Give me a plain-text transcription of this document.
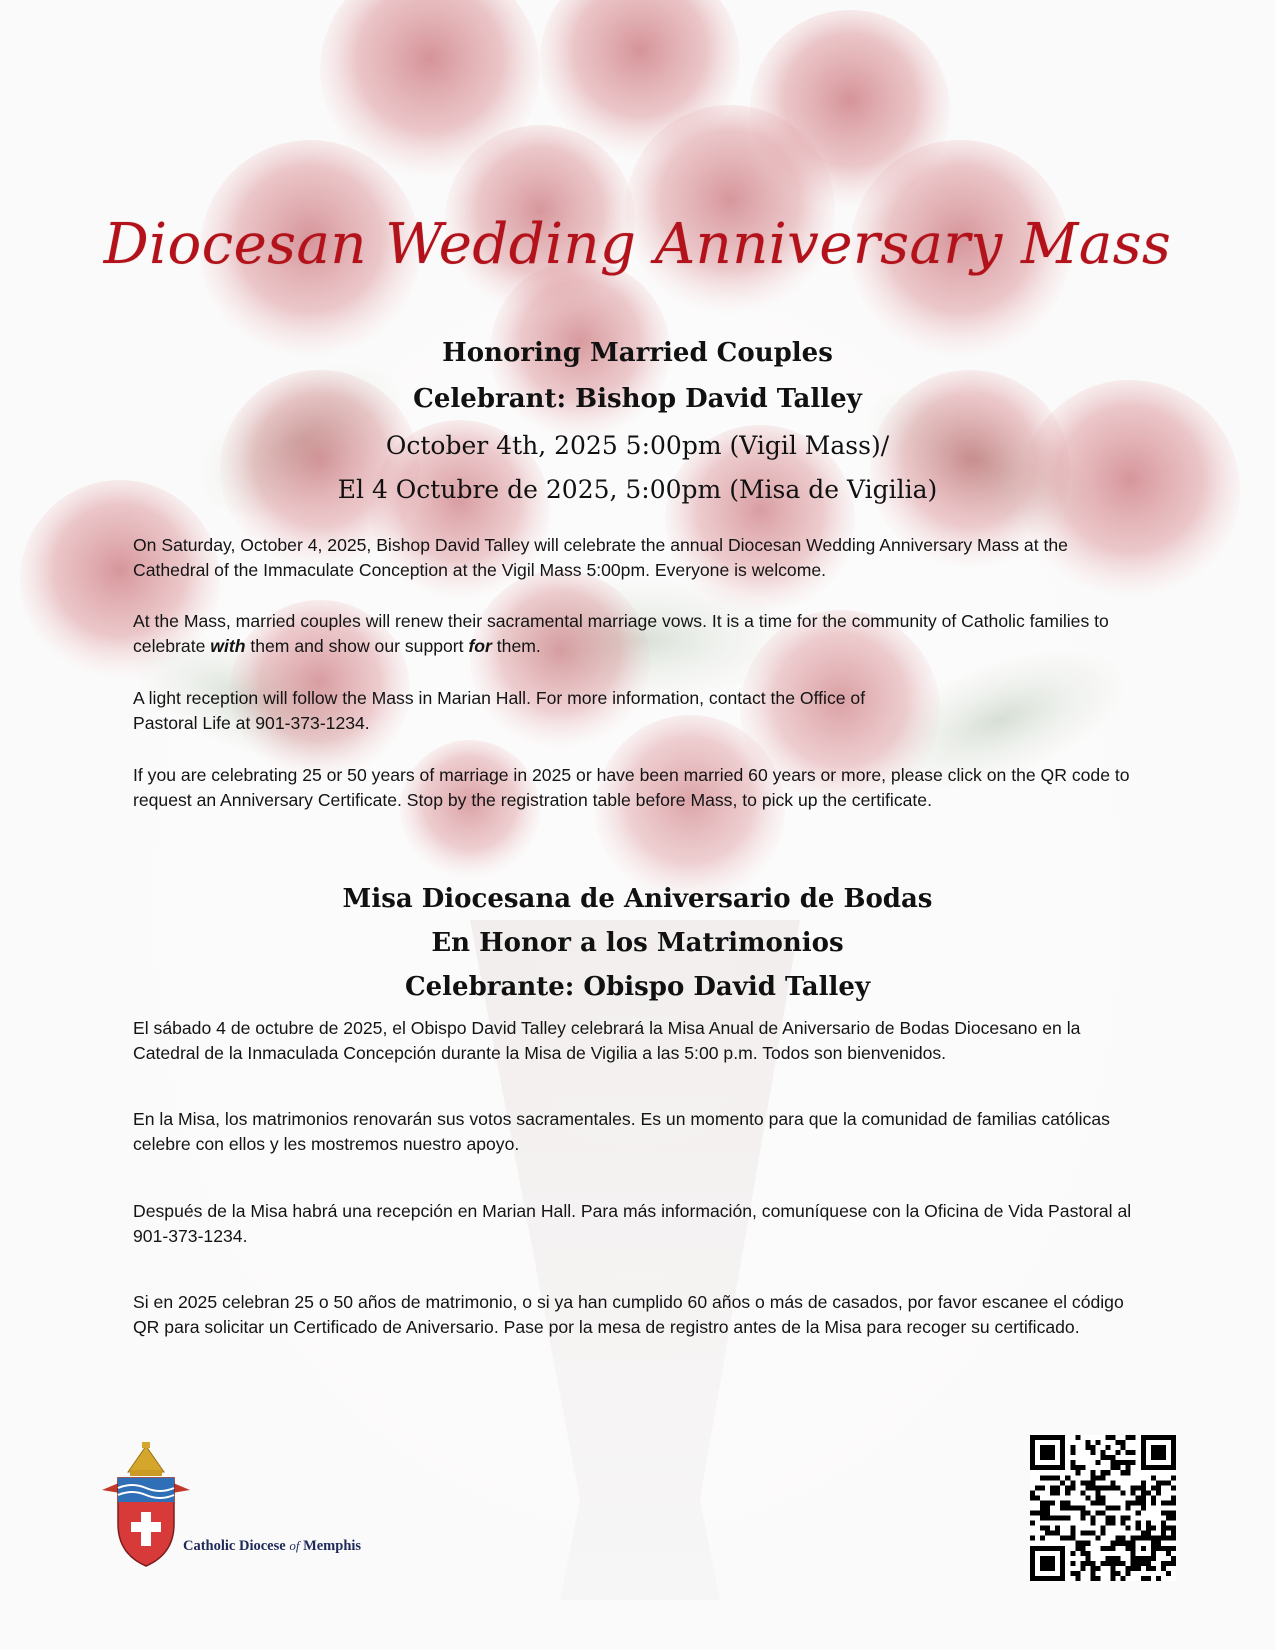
Diocesan Wedding Anniversary Mass
Honoring Married Couples
Celebrant: Bishop David Talley
October 4th, 2025 5:00pm (Vigil Mass)/
El 4 Octubre de 2025, 5:00pm (Misa de Vigilia)

On Saturday, October 4, 2025, Bishop David Talley will celebrate the annual Diocesan Wedding Anniversary Mass at the Cathedral of the Immaculate Conception at the Vigil Mass 5:00pm. Everyone is welcome.

At the Mass, married couples will renew their sacramental marriage vows. It is a time for the community of Catholic families to celebrate with them and show our support for them.

A light reception will follow the Mass in Marian Hall. For more information, contact the Office of
Pastoral Life at 901-373-1234.

If you are celebrating 25 or 50 years of marriage in 2025 or have been married 60 years or more, please click on the QR code to request an Anniversary Certificate. Stop by the registration table before Mass, to pick up the certificate.

Misa Diocesana de Aniversario de Bodas
En Honor a los Matrimonios
Celebrante: Obispo David Talley

El sábado 4 de octubre de 2025, el Obispo David Talley celebrará la Misa Anual de Aniversario de Bodas Diocesano en la Catedral de la Inmaculada Concepción durante la Misa de Vigilia a las 5:00 p.m. Todos son bienvenidos.

En la Misa, los matrimonios renovarán sus votos sacramentales. Es un momento para que la comunidad de familias católicas celebre con ellos y les mostremos nuestro apoyo.

Después de la Misa habrá una recepción en Marian Hall. Para más información, comuníquese con la Oficina de Vida Pastoral al 901-373-1234.

Si en 2025 celebran 25 o 50 años de matrimonio, o si ya han cumplido 60 años o más de casados, por favor escanee el código QR para solicitar un Certificado de Aniversario. Pase por la mesa de registro antes de la Misa para recoger su certificado.

Catholic Diocese of Memphis
